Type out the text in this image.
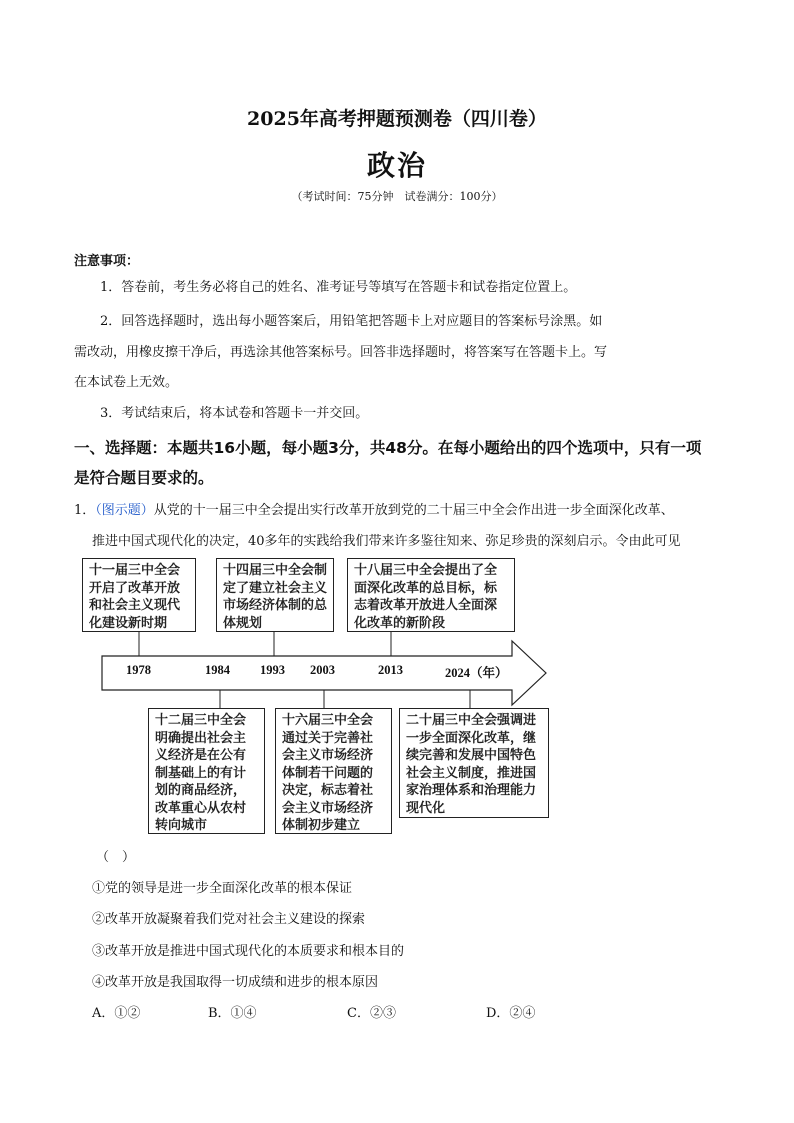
2025年高考押题预测卷（四川卷）
政治
（考试时间：75分钟　试卷满分：100分）
注意事项：
1．答卷前，考生务必将自己的姓名、准考证号等填写在答题卡和试卷指定位置上。
2．回答选择题时，选出每小题答案后，用铅笔把答题卡上对应题目的答案标号涂黑。如
需改动，用橡皮擦干净后，再选涂其他答案标号。回答非选择题时，将答案写在答题卡上。写
在本试卷上无效。
3．考试结束后，将本试卷和答题卡一并交回。
一、选择题：本题共16小题，每小题3分，共48分。在每小题给出的四个选项中，只有一项
是符合题目要求的。
1．（图示题）从党的十一届三中全会提出实行改革开放到党的二十届三中全会作出进一步全面深化改革、
推进中国式现代化的决定，40多年的实践给我们带来许多鉴往知来、弥足珍贵的深刻启示。令由此可见
十一届三中全会开启了改革开放和社会主义现代化建设新时期
十四届三中全会制定了建立社会主义市场经济体制的总体规划
十八届三中全会提出了全面深化改革的总目标，标志着改革开放进人全面深化改革的新阶段
1978	1984 1993 2003	2013	2024（年）
十二届三中全会明确提出社会主义经济是在公有制基础上的有计划的商品经济，改革重心从农村转向城市
十六届三中全会通过关于完善社会主义市场经济体制若干问题的决定，标志着社会主义市场经济体制初步建立
二十届三中全会强调进一步全面深化改革，继续完善和发展中国特色社会主义制度，推进国家治理体系和治理能力现代化
（　）
①党的领导是进一步全面深化改革的根本保证
②改革开放凝聚着我们党对社会主义建设的探索
③改革开放是推进中国式现代化的本质要求和根本目的
④改革开放是我国取得一切成绩和进步的根本原因
A．①②	B．①④	C．②③	D．②④
